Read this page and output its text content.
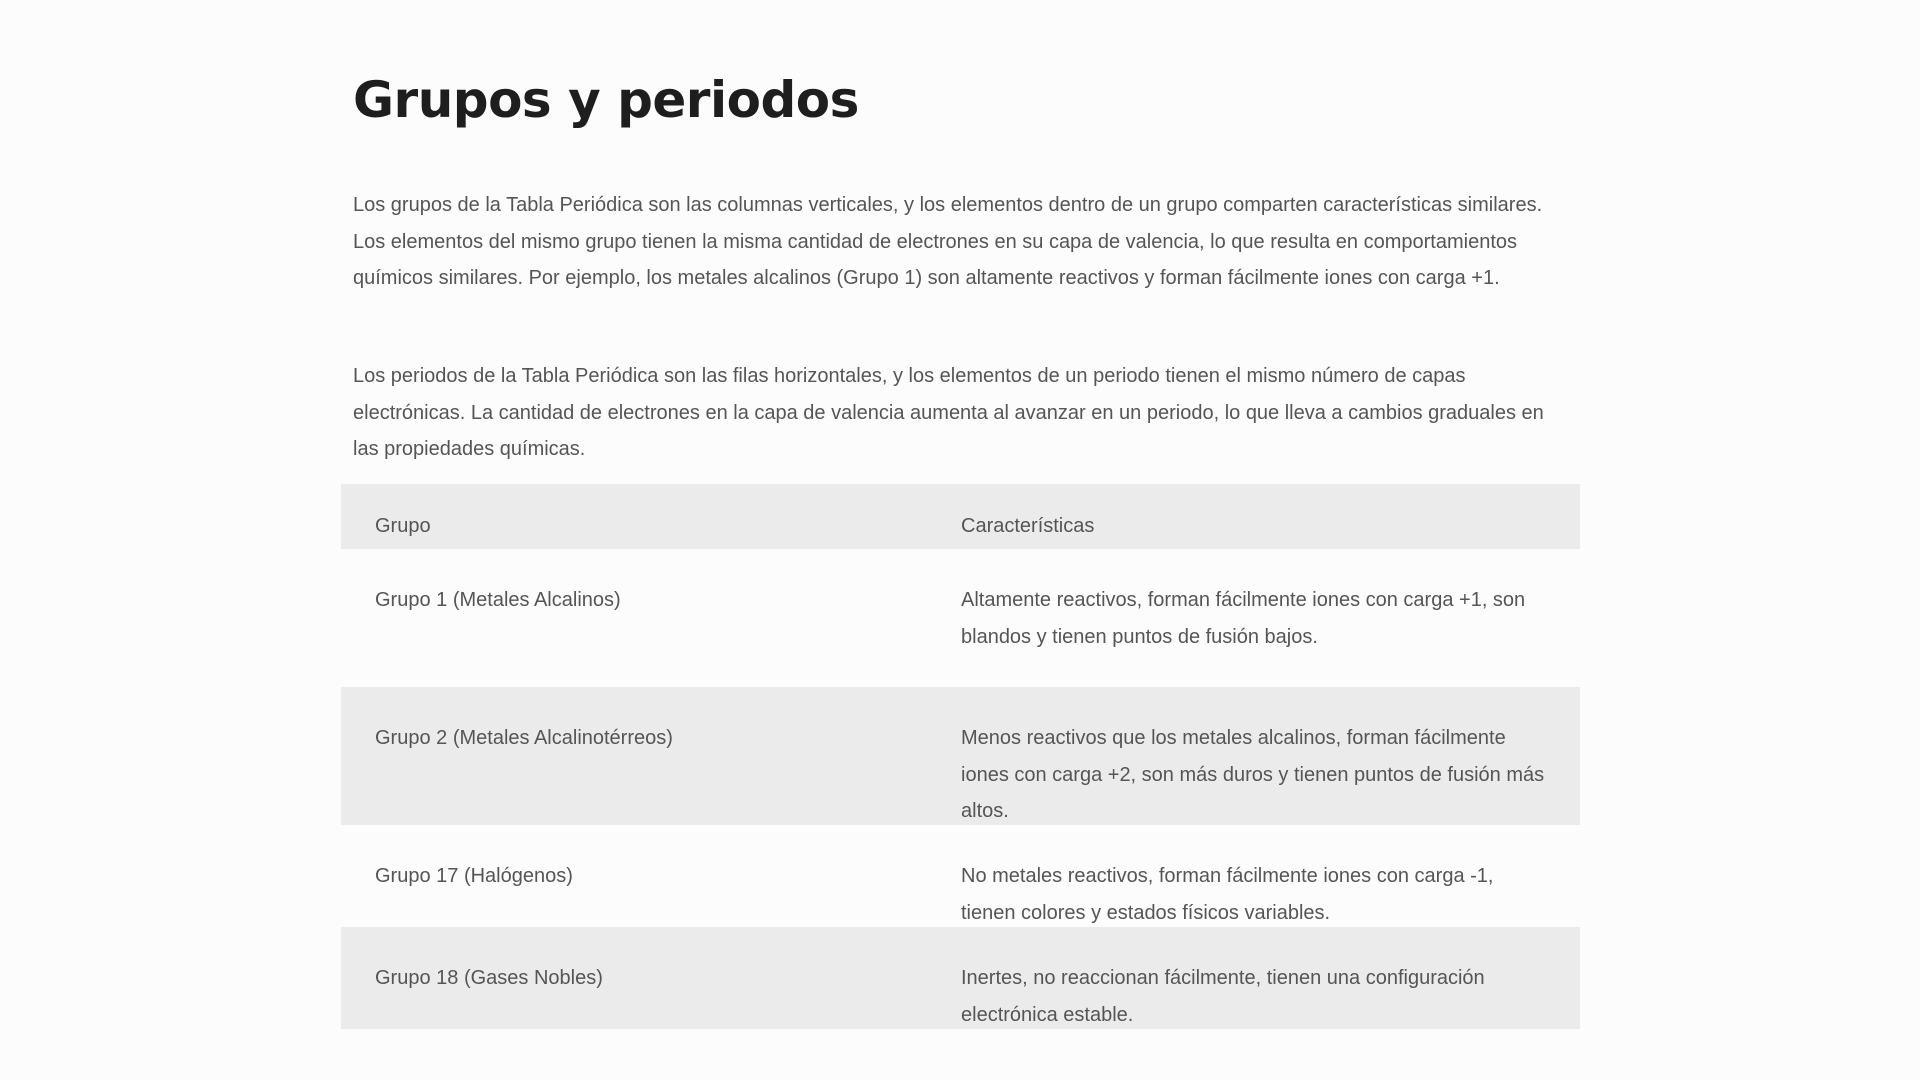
Grupos y periodos

Los grupos de la Tabla Periódica son las columnas verticales, y los elementos dentro de un grupo comparten características similares. Los elementos del mismo grupo tienen la misma cantidad de electrones en su capa de valencia, lo que resulta en comportamientos químicos similares. Por ejemplo, los metales alcalinos (Grupo 1) son altamente reactivos y forman fácilmente iones con carga +1.

Los periodos de la Tabla Periódica son las filas horizontales, y los elementos de un periodo tienen el mismo número de capas electrónicas. La cantidad de electrones en la capa de valencia aumenta al avanzar en un periodo, lo que lleva a cambios graduales en las propiedades químicas.

Grupo	Características
Grupo 1 (Metales Alcalinos)	Altamente reactivos, forman fácilmente iones con carga +1, son blandos y tienen puntos de fusión bajos.
Grupo 2 (Metales Alcalinotérreos)	Menos reactivos que los metales alcalinos, forman fácilmente iones con carga +2, son más duros y tienen puntos de fusión más altos.
Grupo 17 (Halógenos)	No metales reactivos, forman fácilmente iones con carga -1, tienen colores y estados físicos variables.
Grupo 18 (Gases Nobles)	Inertes, no reaccionan fácilmente, tienen una configuración electrónica estable.
